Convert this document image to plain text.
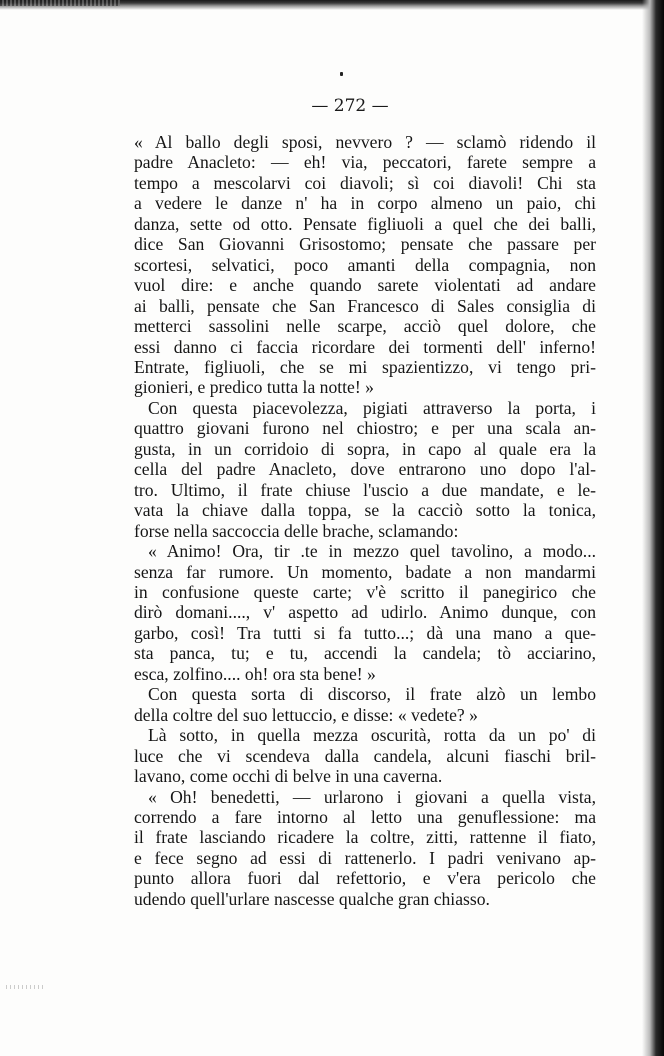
— 272 —

« Al ballo degli sposi, nevvero ? — sclamò ridendo il
padre Anacleto: — eh! via, peccatori, farete sempre a
tempo a mescolarvi coi diavoli; sì coi diavoli! Chi sta
a vedere le danze n' ha in corpo almeno un paio, chi
danza, sette od otto. Pensate figliuoli a quel che dei balli,
dice San Giovanni Grisostomo; pensate che passare per
scortesi, selvatici, poco amanti della compagnia, non
vuol dire: e anche quando sarete violentati ad andare
ai balli, pensate che San Francesco di Sales consiglia di
metterci sassolini nelle scarpe, acciò quel dolore, che
essi danno ci faccia ricordare dei tormenti dell' inferno!
Entrate, figliuoli, che se mi spazientizzo, vi tengo pri-
gionieri, e predico tutta la notte! »
Con questa piacevolezza, pigiati attraverso la porta, i
quattro giovani furono nel chiostro; e per una scala an-
gusta, in un corridoio di sopra, in capo al quale era la
cella del padre Anacleto, dove entrarono uno dopo l'al-
tro. Ultimo, il frate chiuse l'uscio a due mandate, e le-
vata la chiave dalla toppa, se la cacciò sotto la tonica,
forse nella saccoccia delle brache, sclamando:
« Animo! Ora, tir .te in mezzo quel tavolino, a modo...
senza far rumore. Un momento, badate a non mandarmi
in confusione queste carte; v'è scritto il panegirico che
dirò domani...., v' aspetto ad udirlo. Animo dunque, con
garbo, così! Tra tutti si fa tutto...; dà una mano a que-
sta panca, tu; e tu, accendi la candela; tò acciarino,
esca, zolfino.... oh! ora sta bene! »
Con questa sorta di discorso, il frate alzò un lembo
della coltre del suo lettuccio, e disse: « vedete? »
Là sotto, in quella mezza oscurità, rotta da un po' di
luce che vi scendeva dalla candela, alcuni fiaschi bril-
lavano, come occhi di belve in una caverna.
« Oh! benedetti, — urlarono i giovani a quella vista,
correndo a fare intorno al letto una genuflessione: ma
il frate lasciando ricadere la coltre, zitti, rattenne il fiato,
e fece segno ad essi di rattenerlo. I padri venivano ap-
punto allora fuori dal refettorio, e v'era pericolo che
udendo quell'urlare nascesse qualche gran chiasso.
